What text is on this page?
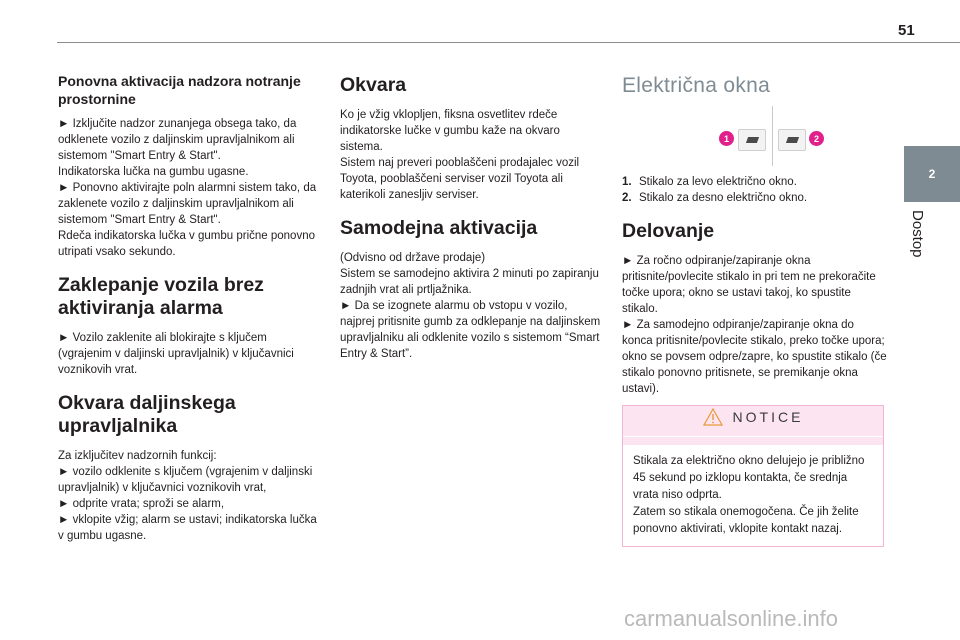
51
2
Dostop
Ponovna aktivacija nadzora notranje prostornine

► Izključite nadzor zunanjega obsega tako, da odklenete vozilo z daljinskim upravljalnikom ali sistemom "Smart Entry & Start".
Indikatorska lučka na gumbu ugasne.
► Ponovno aktivirajte poln alarmni sistem tako, da zaklenete vozilo z daljinskim upravljalnikom ali sistemom "Smart Entry & Start".
Rdeča indikatorska lučka v gumbu prične ponovno utripati vsako sekundo.

Zaklepanje vozila brez aktiviranja alarma

► Vozilo zaklenite ali blokirajte s ključem (vgrajenim v daljinski upravljalnik) v ključavnici voznikovih vrat.

Okvara daljinskega upravljalnika

Za izključitev nadzornih funkcij:
► vozilo odklenite s ključem (vgrajenim v daljinski upravljalnik) v ključavnici voznikovih vrat,
► odprite vrata; sproži se alarm,
► vklopite vžig; alarm se ustavi; indikatorska lučka v gumbu ugasne.

Okvara

Ko je vžig vklopljen, fiksna osvetlitev rdeče indikatorske lučke v gumbu kaže na okvaro sistema.
Sistem naj preveri pooblaščeni prodajalec vozil Toyota, pooblaščeni serviser vozil Toyota ali katerikoli zanesljiv serviser.

Samodejna aktivacija

(Odvisno od države prodaje)
Sistem se samodejno aktivira 2 minuti po zapiranju zadnjih vrat ali prtljažnika.
► Da se izognete alarmu ob vstopu v vozilo, najprej pritisnite gumb za odklepanje na daljinskem upravljalniku ali odklenite vozilo s sistemom “Smart Entry & Start”.

Električna okna
1	2
1. Stikalo za levo električno okno.
2. Stikalo za desno električno okno.
Delovanje

► Za ročno odpiranje/zapiranje okna pritisnite/povlecite stikalo in pri tem ne prekoračite točke upora; okno se ustavi takoj, ko spustite stikalo.
► Za samodejno odpiranje/zapiranje okna do konca pritisnite/povlecite stikalo, preko točke upora; okno se povsem odpre/zapre, ko spustite stikalo (če stikalo ponovno pritisnete, se premikanje okna ustavi).

NOTICE
Stikala za električno okno delujejo je približno 45 sekund po izklopu kontakta, če srednja vrata niso odprta.
Zatem so stikala onemogočena. Če jih želite ponovno aktivirati, vklopite kontakt nazaj.
carmanualsonline.info
